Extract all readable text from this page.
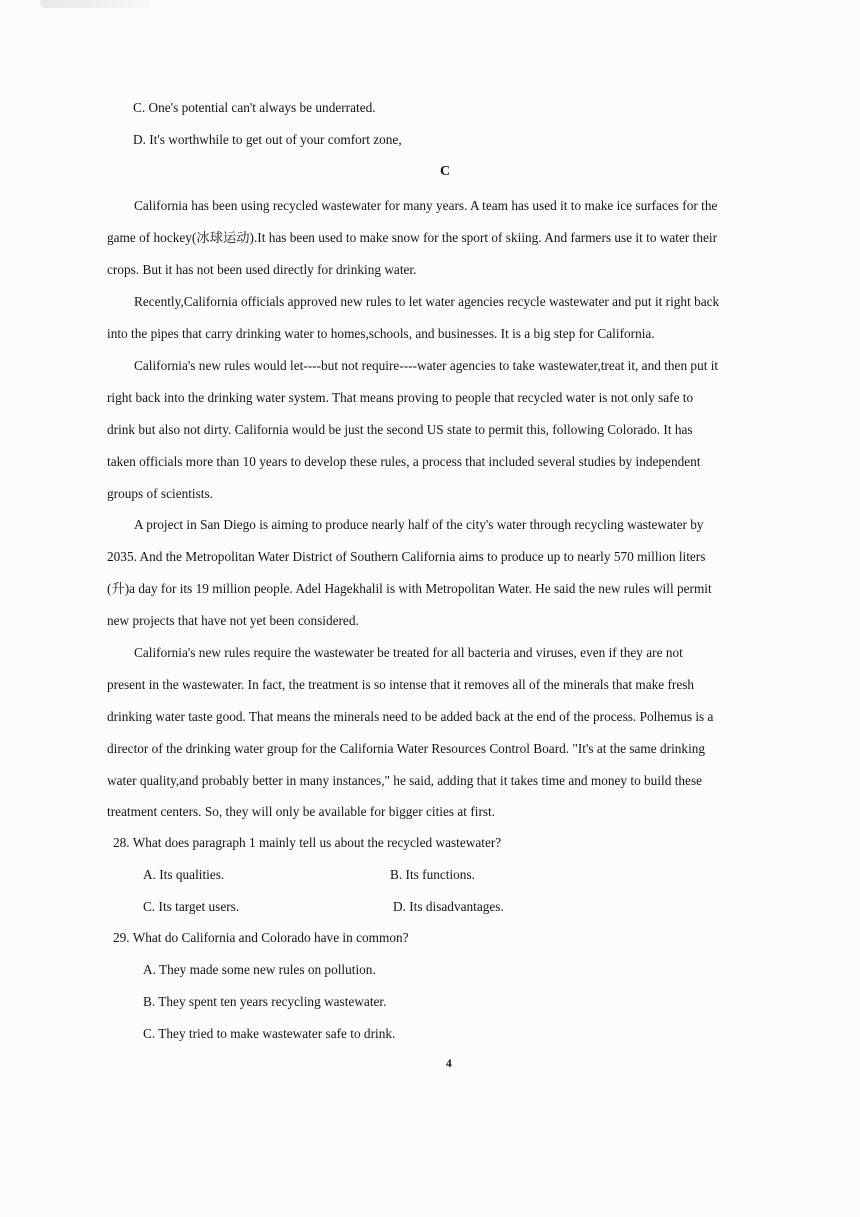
C. One's potential can't always be underrated.
D. It's worthwhile to get out of your comfort zone,
C
California has been using recycled wastewater for many years. A team has used it to make ice surfaces for the
game of hockey(冰球运动).It has been used to make snow for the sport of skiing. And farmers use it to water their
crops. But it has not been used directly for drinking water.
Recently,California officials approved new rules to let water agencies recycle wastewater and put it right back
into the pipes that carry drinking water to homes,schools, and businesses. It is a big step for California.
California's new rules would let----but not require----water agencies to take wastewater,treat it, and then put it
right back into the drinking water system. That means proving to people that recycled water is not only safe to
drink but also not dirty. California would be just the second US state to permit this, following Colorado. It has
taken officials more than 10 years to develop these rules, a process that included several studies by independent
groups of scientists.
A project in San Diego is aiming to produce nearly half of the city's water through recycling wastewater by
2035. And the Metropolitan Water District of Southern California aims to produce up to nearly 570 million liters
(升)a day for its 19 million people. Adel Hagekhalil is with Metropolitan Water. He said the new rules will permit
new projects that have not yet been considered.
California's new rules require the wastewater be treated for all bacteria and viruses, even if they are not
present in the wastewater. In fact, the treatment is so intense that it removes all of the minerals that make fresh
drinking water taste good. That means the minerals need to be added back at the end of the process. Polhemus is a
director of the drinking water group for the California Water Resources Control Board. "It's at the same drinking
water quality,and probably better in many instances," he said, adding that it takes time and money to build these
treatment centers. So, they will only be available for bigger cities at first.
28. What does paragraph 1 mainly tell us about the recycled wastewater?
A. Its qualities.	B. Its functions.
C. Its target users.	D. Its disadvantages.
29. What do California and Colorado have in common?
A. They made some new rules on pollution.
B. They spent ten years recycling wastewater.
C. They tried to make wastewater safe to drink.
4
